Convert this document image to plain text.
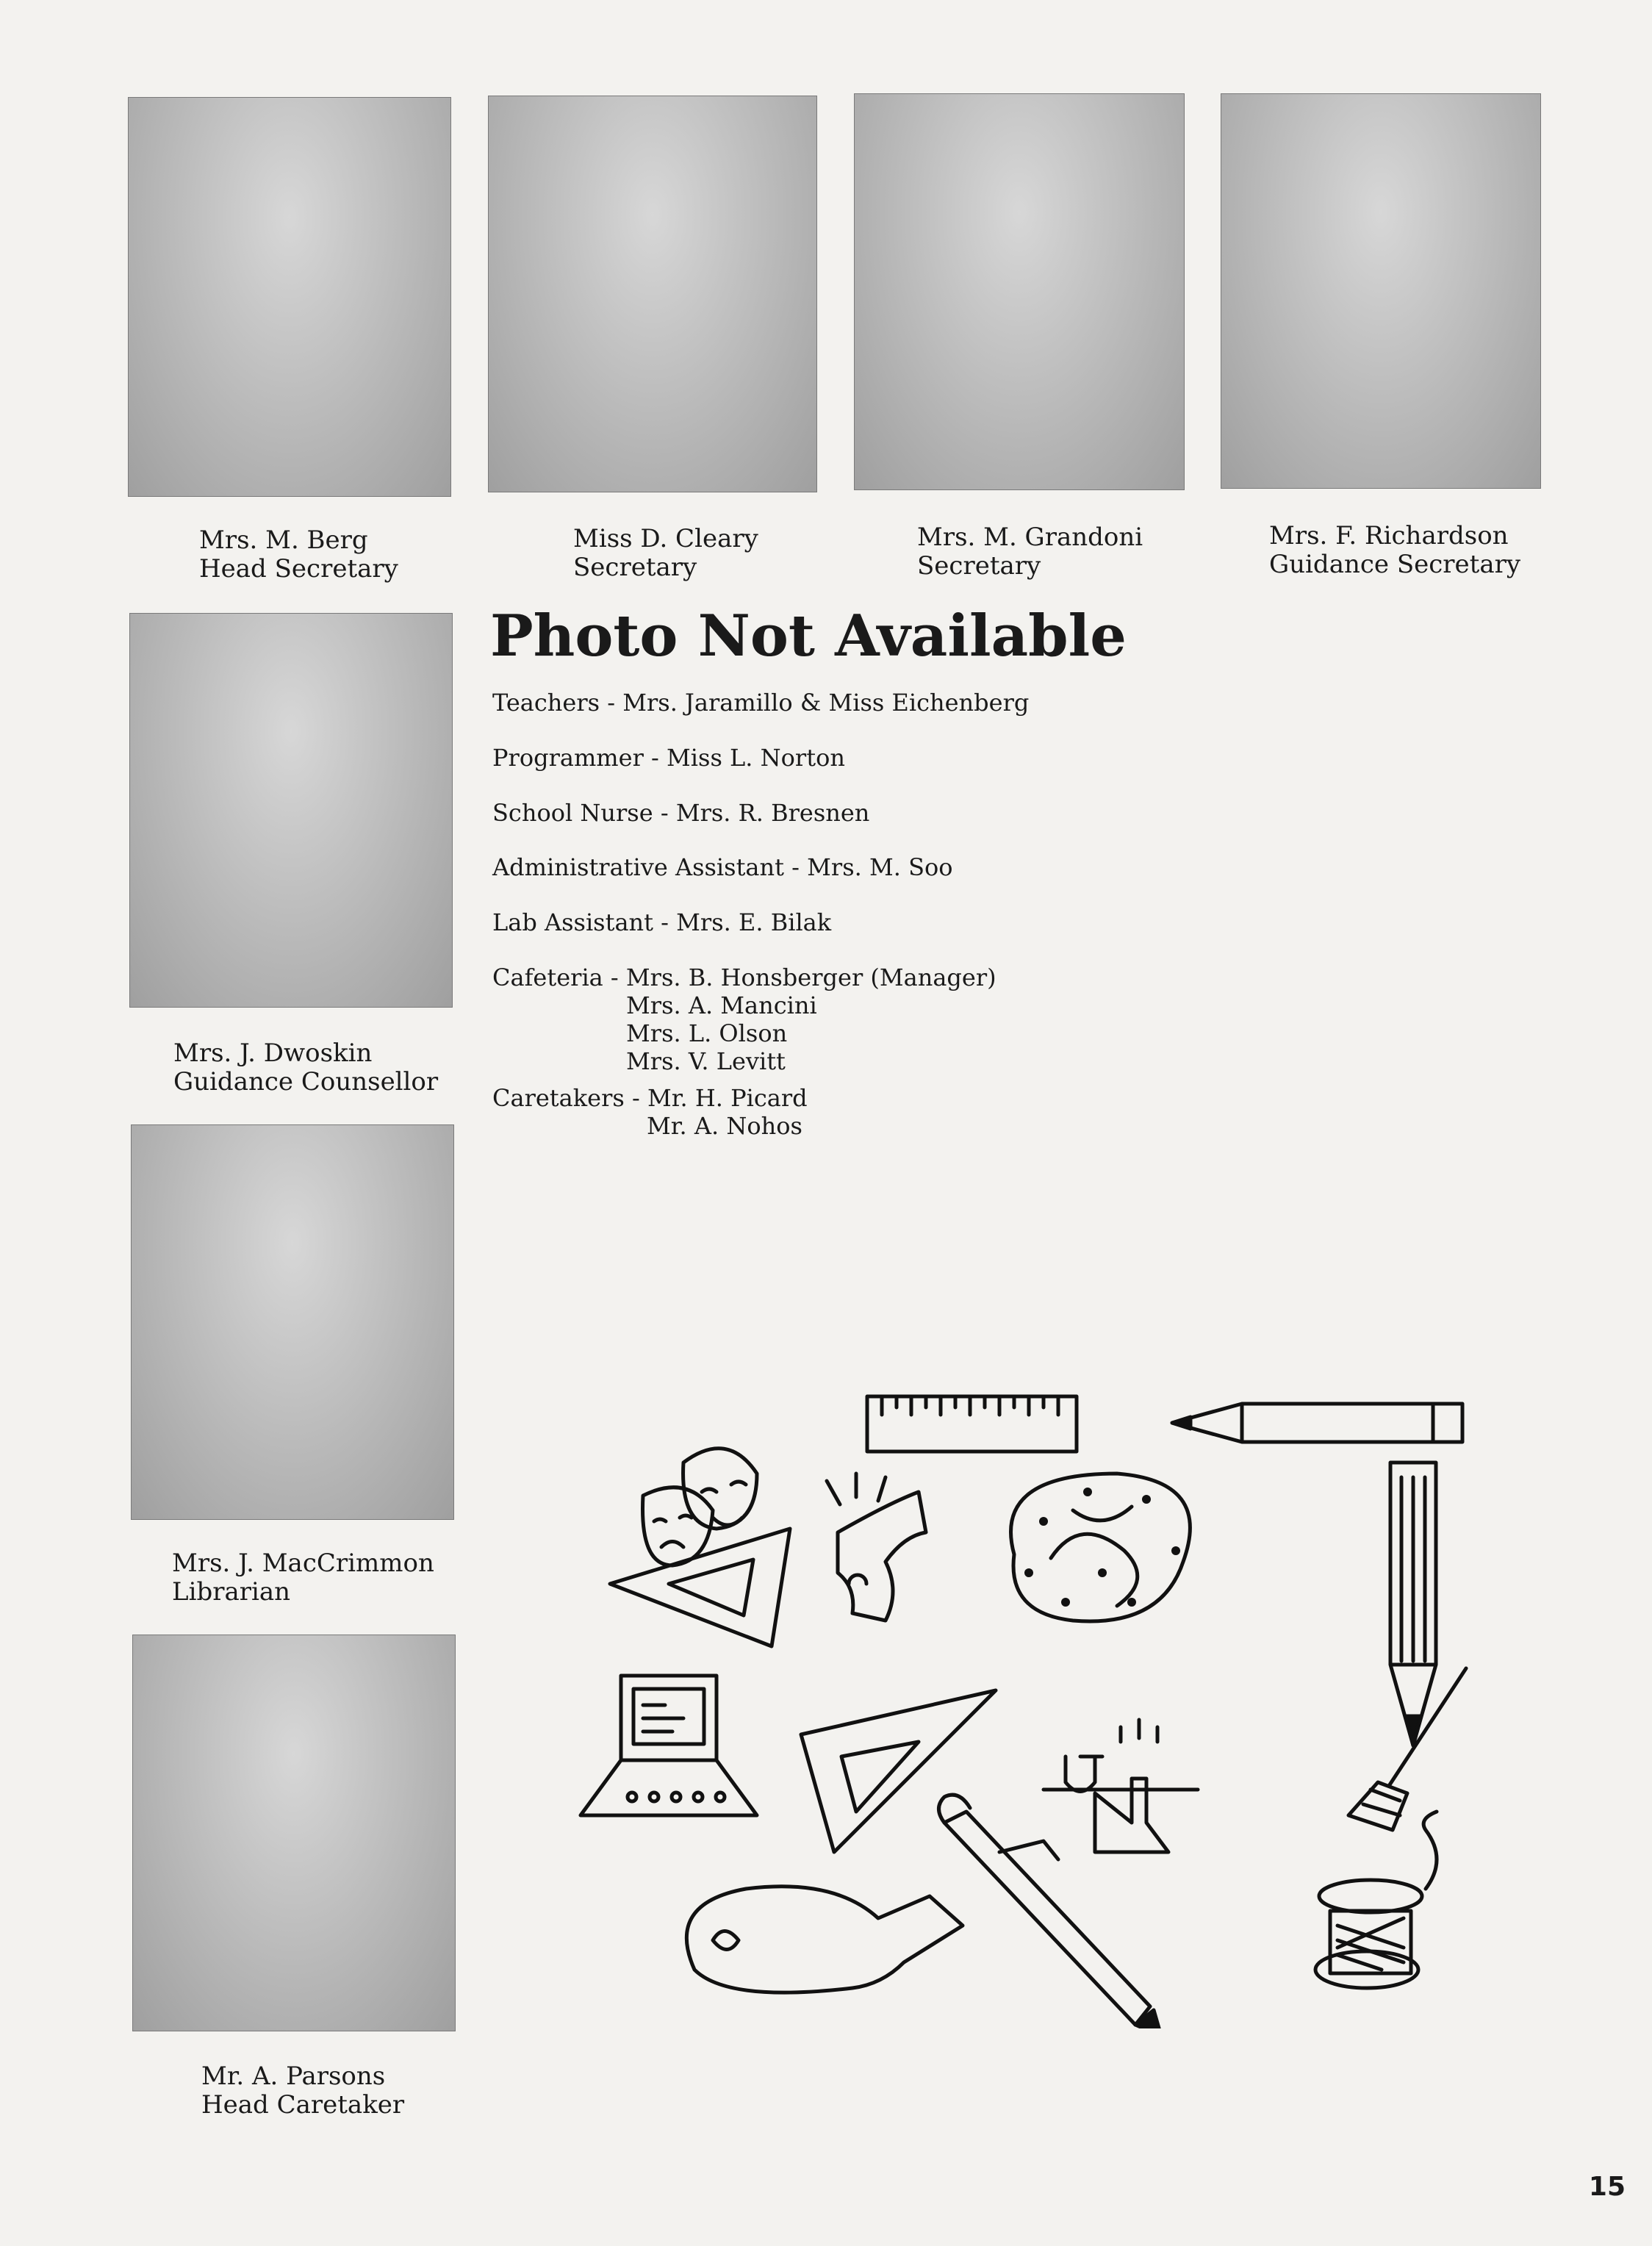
Mrs. M. Berg
Head Secretary
Miss D. Cleary
Secretary
Mrs. M. Grandoni
Secretary
Mrs. F. Richardson
Guidance Secretary
Mrs. J. Dwoskin
Guidance Counsellor
Mrs. J. MacCrimmon
Librarian
Mr. A. Parsons
Head Caretaker
Photo Not Available
Teachers - Mrs. Jaramillo & Miss Eichenberg
Programmer - Miss L. Norton
School Nurse - Mrs. R. Bresnen
Administrative Assistant - Mrs. M. Soo
Lab Assistant - Mrs. E. Bilak
Cafeteria - Mrs. B. Honsberger (Manager)
Mrs. A. Mancini
Mrs. L. Olson
Mrs. V. Levitt
Caretakers - Mr. H. Picard
Mr. A. Nohos
15
